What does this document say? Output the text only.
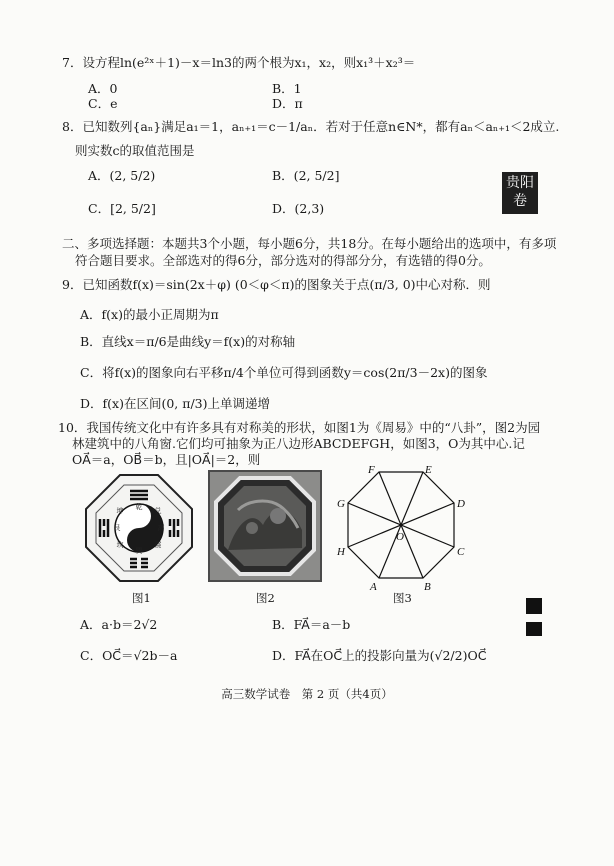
7．设方程ln(e²ˣ＋1)－x＝ln3的两个根为x₁，x₂，则x₁³＋x₂³＝
A．0	B．1
C．e	D．π
8．已知数列{aₙ}满足a₁＝1，aₙ₊₁＝c－1/aₙ．若对于任意n∈N*，都有aₙ＜aₙ₊₁＜2成立.
则实数c的取值范围是
A．(2, 5/2)	B．(2, 5/2]
C．[2, 5/2]	D．(2,3)
贵阳
卷
二、多项选择题：本题共3个小题，每小题6分，共18分。在每小题给出的选项中，有多项
符合题目要求。全部选对的得6分，部分选对的得部分分，有选错的得0分。
9．已知函数f(x)＝sin(2x＋φ) (0＜φ＜π)的图象关于点(π/3, 0)中心对称．则
A．f(x)的最小正周期为π
B．直线x＝π/6是曲线y＝f(x)的对称轴
C．将f(x)的图象向右平移π/4个单位可得到函数y＝cos(2π/3－2x)的图象
D．f(x)在区间(0, π/3)上单调递增
10．我国传统文化中有许多具有对称美的形状，如图1为《周易》中的“八卦”，图2为园
林建筑中的八角窗.它们均可抽象为正八边形ABCDEFGH，如图3，O为其中心.记
OA⃗＝a，OB⃗＝b，且|OA⃗|＝2，则
乾 兑
离
震
巽
坎
艮
坤
F	E
D
C
B
A
H
G
O
图1	图2	图3
A．a·b＝2√2	B．FA⃗＝a－b
C．OC⃗＝√2b－a	D．FA⃗在OC⃗上的投影向量为(√2/2)OC⃗
高三数学试卷　第 2 页（共4页）
